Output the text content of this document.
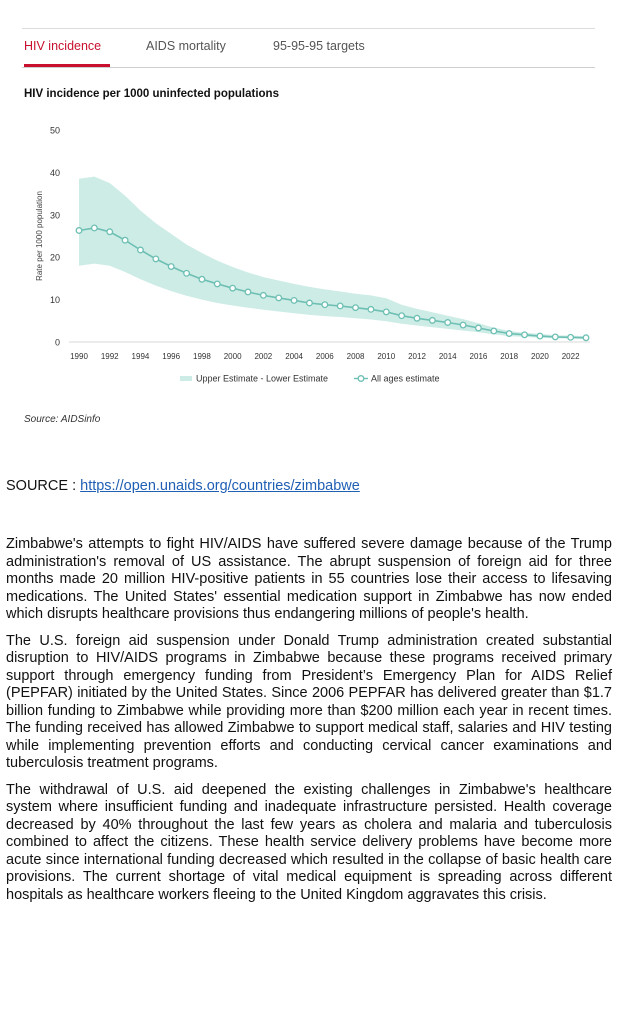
HIV incidence	AIDS mortality	95-95-95 targets
HIV incidence per 1000 uninfected populations
0
10
20
30
40
50
1990 1992 1994 1996 1998 2000 2002 2004 2006 2008 2010 2012 2014 2016 2018 2020 2022
Rate per 1000 population
Upper Estimate - Lower Estimate	All ages estimate
Source: AIDSinfo
SOURCE : https://open.unaids.org/countries/zimbabwe

Zimbabwe's attempts to fight HIV/AIDS have suffered severe damage because of the Trump administration's removal of US assistance. The abrupt suspension of foreign aid for three months made 20 million HIV-positive patients in 55 countries lose their access to lifesaving medications. The United States' essential medication support in Zimbabwe has now ended which disrupts healthcare provisions thus endangering millions of people's health.

The U.S. foreign aid suspension under Donald Trump administration created substantial disruption to HIV/AIDS programs in Zimbabwe because these programs received primary support through emergency funding from President’s Emergency Plan for AIDS Relief (PEPFAR) initiated by the United States. Since 2006 PEPFAR has delivered greater than $1.7 billion funding to Zimbabwe while providing more than $200 million each year in recent times. The funding received has allowed Zimbabwe to support medical staff, salaries and HIV testing while implementing prevention efforts and conducting cervical cancer examinations and tuberculosis treatment programs.

The withdrawal of U.S. aid deepened the existing challenges in Zimbabwe's healthcare system where insufficient funding and inadequate infrastructure persisted. Health coverage decreased by 40% throughout the last few years as cholera and malaria and tuberculosis combined to affect the citizens. These health service delivery problems have become more acute since international funding decreased which resulted in the collapse of basic health care provisions. The current shortage of vital medical equipment is spreading across different hospitals as healthcare workers fleeing to the United Kingdom aggravates this crisis.
